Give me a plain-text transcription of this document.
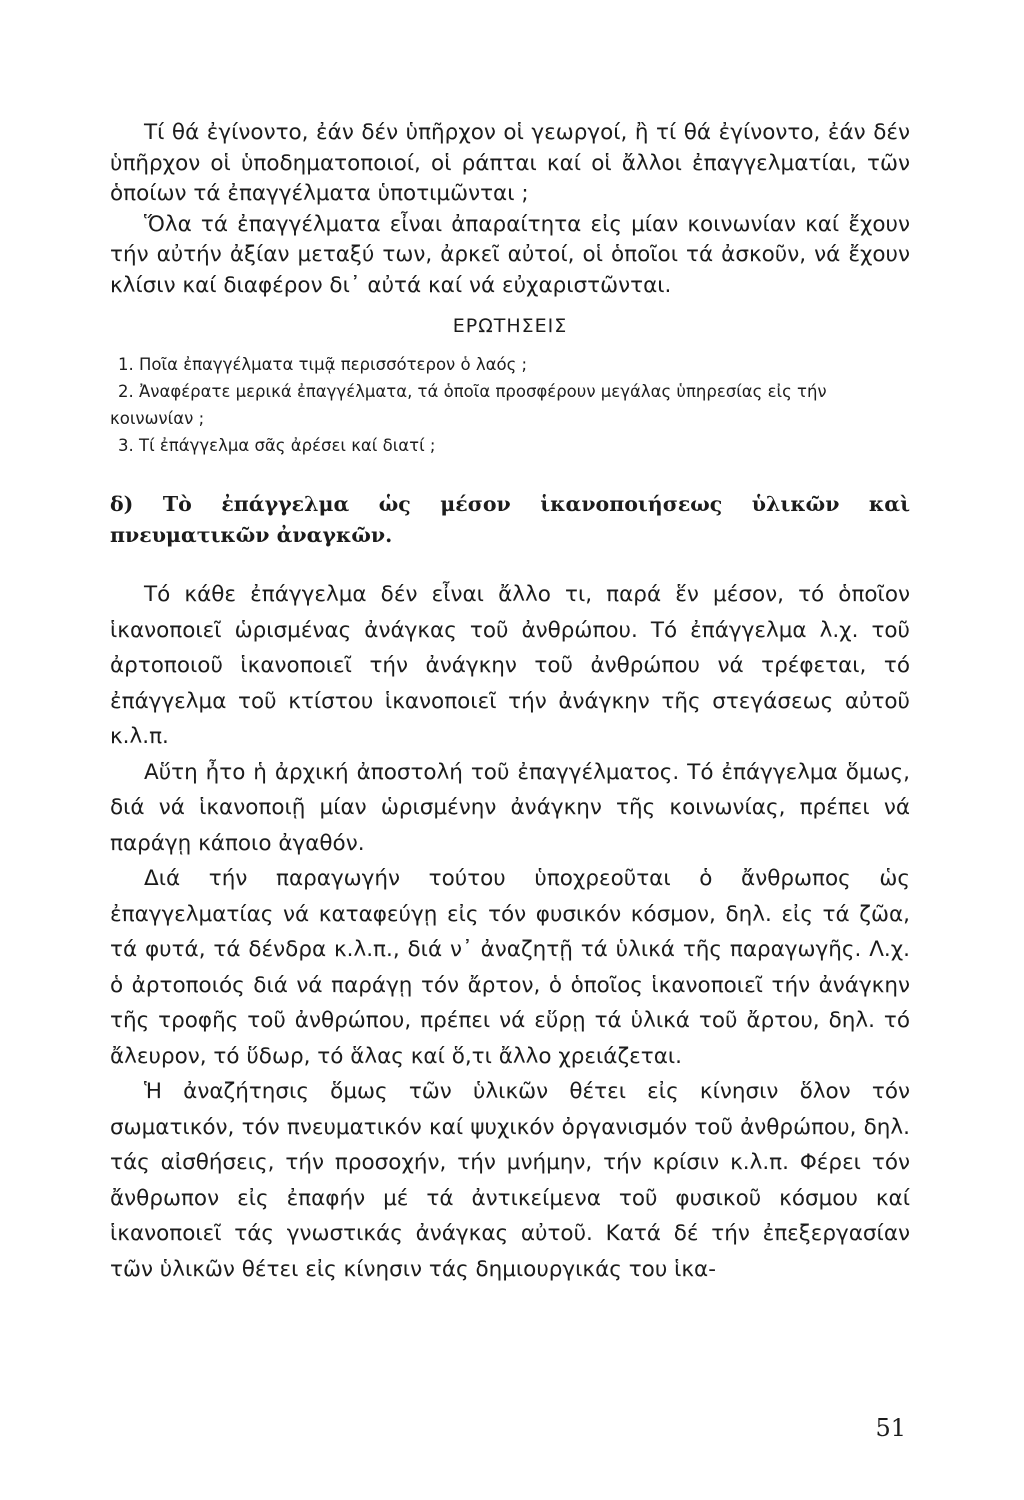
Τί θά ἐγίνοντο, ἐάν δέν ὑπῆρχον οἱ γεωργοί, ἢ τί θά ἐγίνοντο, ἐάν δέν ὑπῆρχον οἱ ὑποδηματοποιοί, οἱ ράπται καί οἱ ἄλλοι ἐπαγγελματίαι, τῶν ὁποίων τά ἐπαγγέλματα ὑποτιμῶνται ;

Ὅλα τά ἐπαγγέλματα εἶναι ἀπαραίτητα εἰς μίαν κοινωνίαν καί ἔχουν τήν αὐτήν ἀξίαν μεταξύ των, ἀρκεῖ αὐτοί, οἱ ὁποῖοι τά ἀσκοῦν, νά ἔχουν κλίσιν καί διαφέρον δι᾽ αὐτά καί νά εὐχαριστῶνται.

ΕΡΩΤΗΣΕΙΣ
1. Ποῖα ἐπαγγέλματα τιμᾷ περισσότερον ὁ λαός ;
2. Ἀναφέρατε μερικά ἐπαγγέλματα, τά ὁποῖα προσφέρουν μεγάλας ὑπηρεσίας εἰς τήν κοινωνίαν ;
3. Τί ἐπάγγελμα σᾶς ἀρέσει καί διατί ;
δ) Τὸ ἐπάγγελμα ὡς μέσον ἱκανοποιήσεως ὑλικῶν καὶ πνευματικῶν ἀναγκῶν.

Τό κάθε ἐπάγγελμα δέν εἶναι ἄλλο τι, παρά ἕν μέσον, τό ὁποῖον ἱκανοποιεῖ ὡρισμένας ἀνάγκας τοῦ ἀνθρώπου. Τό ἐπάγγελμα λ.χ. τοῦ ἀρτοποιοῦ ἱκανοποιεῖ τήν ἀνάγκην τοῦ ἀνθρώπου νά τρέφεται, τό ἐπάγγελμα τοῦ κτίστου ἱκανοποιεῖ τήν ἀνάγκην τῆς στεγάσεως αὐτοῦ κ.λ.π.

Αὕτη ἦτο ἡ ἀρχική ἀποστολή τοῦ ἐπαγγέλματος. Τό ἐπάγγελμα ὅμως, διά νά ἱκανοποιῇ μίαν ὡρισμένην ἀνάγκην τῆς κοινωνίας, πρέπει νά παράγῃ κάποιο ἀγαθόν.

Διά τήν παραγωγήν τούτου ὑποχρεοῦται ὁ ἄνθρωπος ὡς ἐπαγγελματίας νά καταφεύγῃ εἰς τόν φυσικόν κόσμον, δηλ. εἰς τά ζῶα, τά φυτά, τά δένδρα κ.λ.π., διά ν᾽ ἀναζητῇ τά ὑλικά τῆς παραγωγῆς. Λ.χ. ὁ ἀρτοποιός διά νά παράγῃ τόν ἄρτον, ὁ ὁποῖος ἱκανοποιεῖ τήν ἀνάγκην τῆς τροφῆς τοῦ ἀνθρώπου, πρέπει νά εὕρῃ τά ὑλικά τοῦ ἄρτου, δηλ. τό ἄλευρον, τό ὕδωρ, τό ἅλας καί ὅ,τι ἄλλο χρειάζεται.

Ἡ ἀναζήτησις ὅμως τῶν ὑλικῶν θέτει εἰς κίνησιν ὅλον τόν σωματικόν, τόν πνευματικόν καί ψυχικόν ὀργανισμόν τοῦ ἀνθρώπου, δηλ. τάς αἰσθήσεις, τήν προσοχήν, τήν μνήμην, τήν κρίσιν κ.λ.π. Φέρει τόν ἄνθρωπον εἰς ἐπαφήν μέ τά ἀντικείμενα τοῦ φυσικοῦ κόσμου καί ἱκανοποιεῖ τάς γνωστικάς ἀνάγκας αὐτοῦ. Κατά δέ τήν ἐπεξεργασίαν τῶν ὑλικῶν θέτει εἰς κίνησιν τάς δημιουργικάς του ἱκα-

51
